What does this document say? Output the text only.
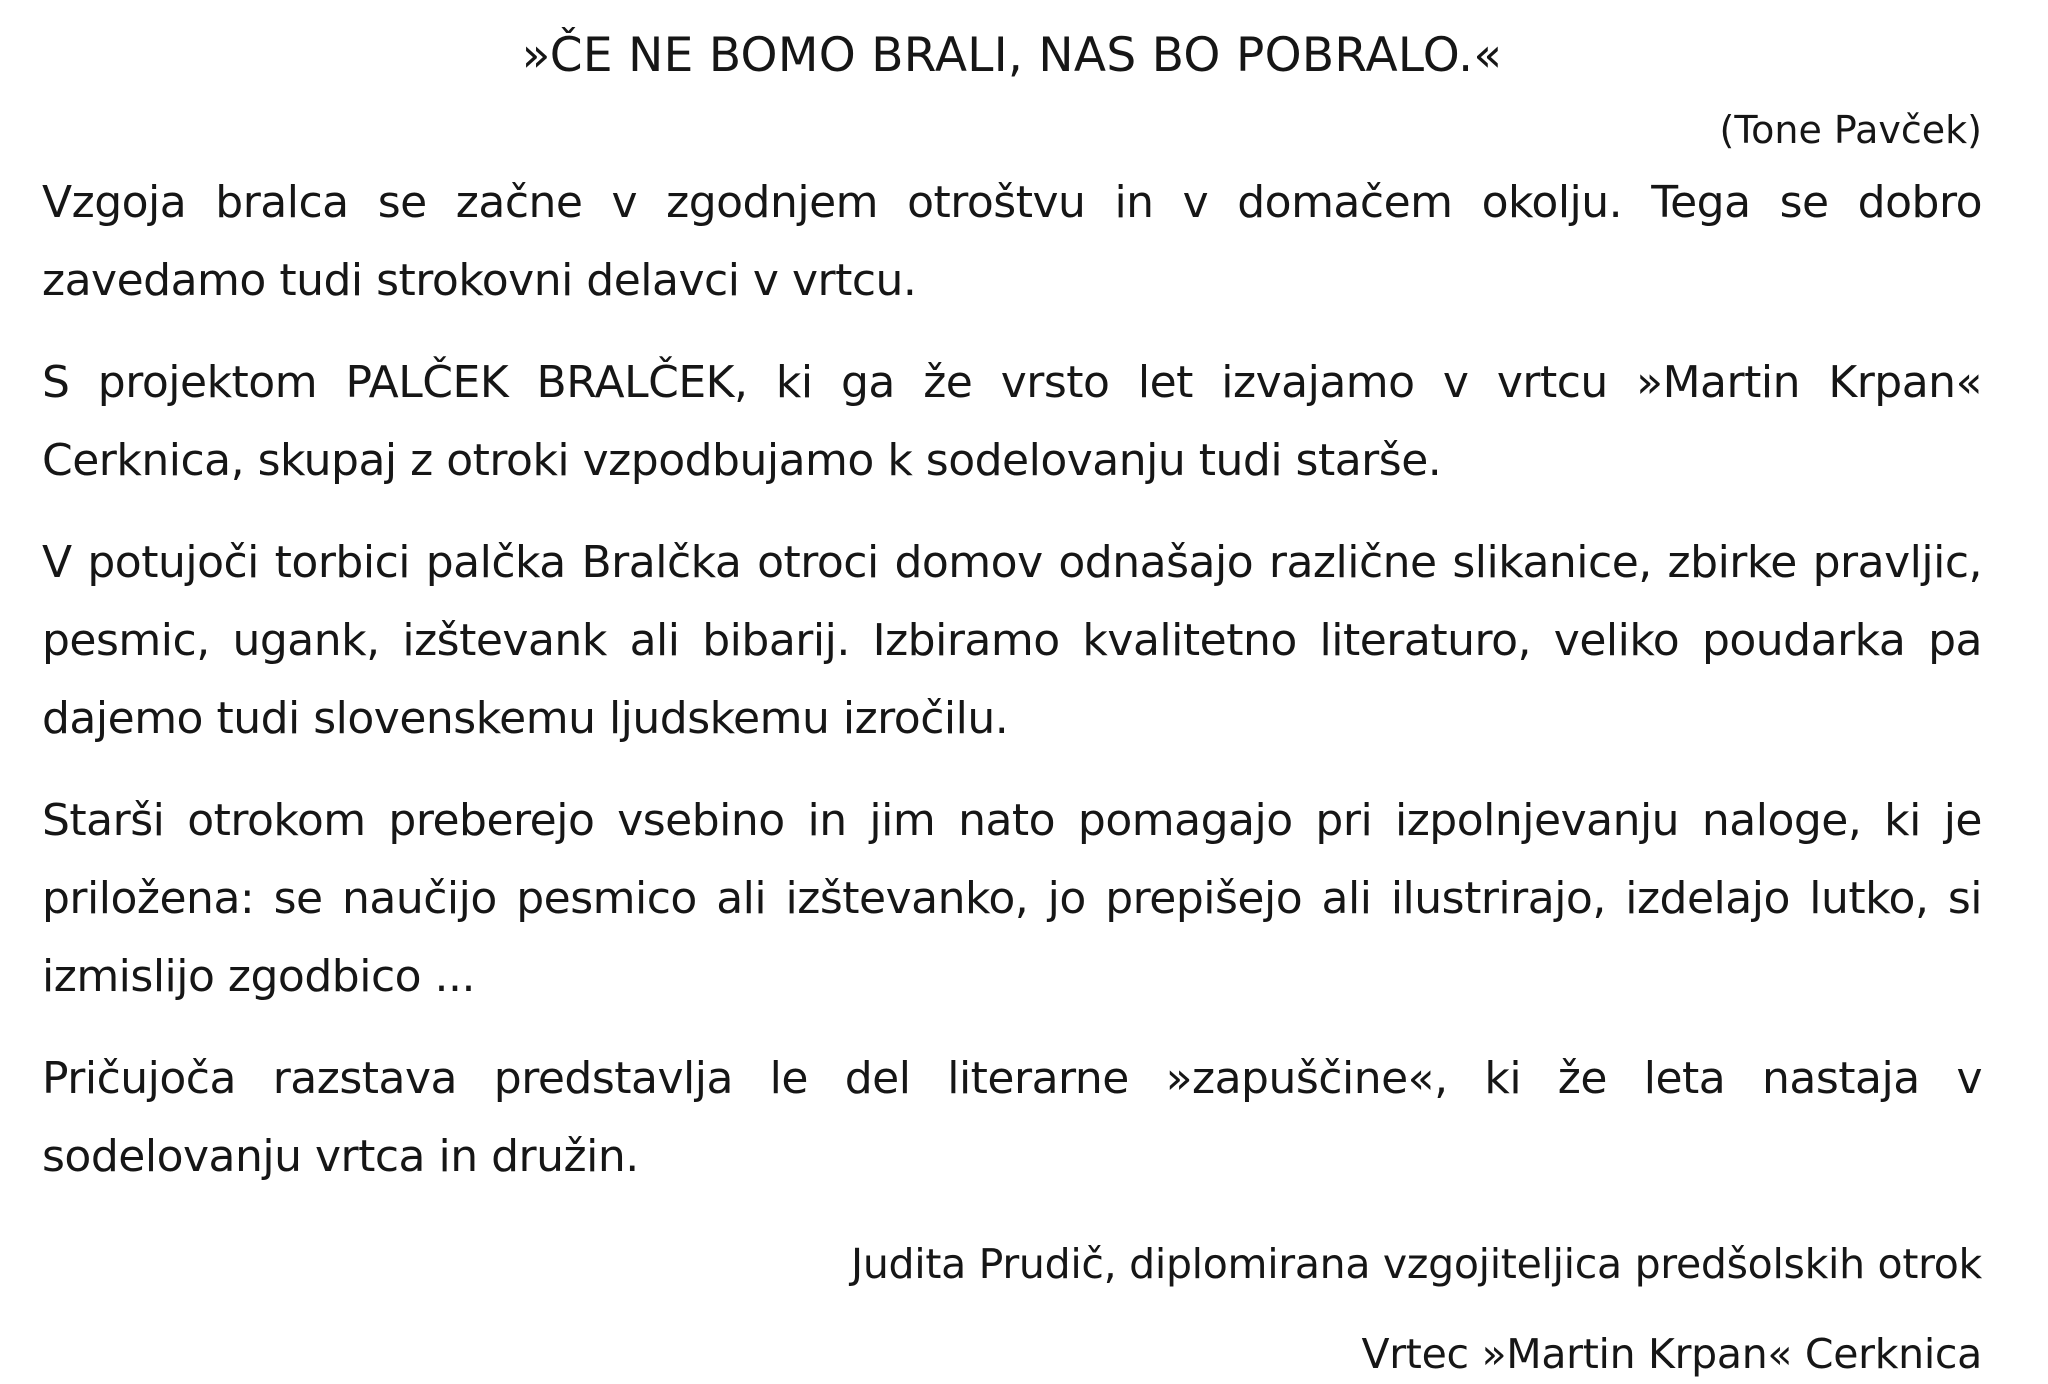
»ČE NE BOMO BRALI, NAS BO POBRALO.«

(Tone Pavček)

Vzgoja bralca se začne v zgodnjem otroštvu in v domačem okolju. Tega se dobro zavedamo tudi strokovni delavci v vrtcu.

S projektom PALČEK BRALČEK, ki ga že vrsto let izvajamo v vrtcu »Martin Krpan« Cerknica, skupaj z otroki vzpodbujamo k sodelovanju tudi starše.

V potujoči torbici palčka Bralčka otroci domov odnašajo različne slikanice, zbirke pravljic, pesmic, ugank, izštevank ali bibarij. Izbiramo kvalitetno literaturo, veliko poudarka pa dajemo tudi slovenskemu ljudskemu izročilu.

Starši otrokom preberejo vsebino in jim nato pomagajo pri izpolnjevanju naloge, ki je priložena: se naučijo pesmico ali izštevanko, jo prepišejo ali ilustrirajo, izdelajo lutko, si izmislijo zgodbico ...

Pričujoča razstava predstavlja le del literarne »zapuščine«, ki že leta nastaja v sodelovanju vrtca in družin.

Judita Prudič, diplomirana vzgojiteljica predšolskih otrok

Vrtec »Martin Krpan« Cerknica
